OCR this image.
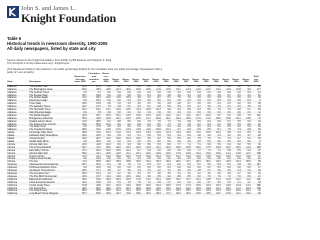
John S. and James L.
Knight Foundation
Table 6
Historical trends in newsroom diversity, 1990-2005
All daily newspapers, listed by state and city
Source: Report to the Knight Foundation, from ASNE, by Bill Dedman and Stephen K. Doig.
The full report is at http://www.asne.org/...knight/report
(The Newsroom Parity is the newsroom non-white percentage divided by the circulation area non-white percentage. Newspapers with a
parity of 1 are at parity.)
State	Newspaper	Newsroom diversity index 2005	Circulation area nonwhite pct.	Newsr. non-white 2005	Newsr. 2004	Newsr. 2003	Newsr. 2002	Newsr. 2001	Newsr. 2000	Newsr. 1999	Newsr. 1998	Newsr. 1997	Newsr. 1996	Newsr. 1995	Newsr. 1994	Newsr. 1993	Newsr. 1992	Newsr. 1990	Staff size 2005
Alabama	The Anniston Star	23.3	27.5	6.4	6.8	7.3	9.1	8.5	5.0	4.4	5.3	5.1	6.7	6.5	7.1	6.0	4.8	3.7	47
Alabama	The Birmingham News	66.2	35.9	23.8	22.4	20.9	19.5	18.6	17.8	16.5	15.1	14.4	13.0	12.7	12.1	11.5	10.8	9.5	177
Alabama	The Cullman Times	0.0	3.7	0.0	0.0	0.0	0.0	0.0	0.0	0.0	0.0	0.0	0.0	0.0	0.0	0.0	0.0	0.0	12
Alabama	The Decatur Daily	35.7	16.8	6.0	5.9	5.8	6.0	5.3	4.9	4.8	4.6	4.4	4.3	4.0	3.9	3.7	3.5	3.1	51
Alabama	The Dothan Eagle	41.1	29.2	12.0	11.6	10.5	9.8	9.1	8.7	8.1	7.5	7.0	6.6	6.2	5.8	5.4	5.0	4.3	34
Alabama	Enterprise Ledger	0.0	25.4	0.0	0.0	0.0	0.0	0.0	0.0	0.0	0.0	0.0	0.0	0.0	0.0	0.0	0.0	0.0	9
Alabama	Times Daily	26.6	13.5	3.6	3.4	3.3	3.2	3.1	3.0	2.9	2.8	2.7	2.6	2.5	2.4	2.3	2.2	2.0	28
Alabama	The Gadsden Times	40.7	17.2	7.0	6.9	6.7	6.4	6.1	5.8	5.5	5.2	5.0	4.7	4.5	4.3	4.1	3.9	3.5	43
Alabama	The Huntsville Times	52.1	25.1	13.1	12.6	12.0	11.4	10.8	10.3	9.8	9.3	8.9	8.4	8.0	7.6	7.2	6.8	6.1	84
Alabama	Daily Mountain Eagle	0.0	7.8	0.0	0.0	0.0	0.0	0.0	0.0	0.0	0.0	0.0	0.0	0.0	0.0	0.0	0.0	0.0	11
Alabama	The Mobile Register	46.3	33.7	15.6	15.1	14.5	13.9	13.3	12.8	12.2	11.7	11.2	10.7	10.2	9.7	9.3	8.8	7.9	122
Alabama	Montgomery Advertiser	55.9	44.5	24.9	24.1	23.3	22.5	21.7	20.9	20.1	19.4	18.6	17.9	17.2	16.5	15.8	15.1	13.8	74
Alabama	Opelika-Auburn News	31.6	28.8	9.1	8.8	8.5	8.2	7.9	7.6	7.3	7.0	6.8	6.5	6.2	6.0	5.7	5.5	5.0	22
Alabama	The Selma Times-Journal	18.0	55.5	10.0	9.6	9.2	8.8	8.4	8.0	7.7	7.3	7.0	6.7	6.4	6.1	5.8	5.5	5.0	10
Alabama	The Daily Home	0.0	17.9	0.0	0.0	0.0	0.0	0.0	0.0	0.0	0.0	0.0	0.0	0.0	0.0	0.0	0.0	0.0	16
Alabama	The Tuscaloosa News	38.0	34.2	13.0	12.5	12.0	11.5	11.0	10.6	10.1	9.7	9.3	8.9	8.5	8.1	7.8	7.4	6.8	46
Alaska	Anchorage Daily News	48.8	31.6	15.4	14.9	14.4	13.9	13.4	12.9	12.4	11.9	11.5	11.0	10.6	10.2	9.8	9.4	8.6	91
Alaska	Fairbanks Daily News-Miner	29.3	23.5	6.9	6.6	6.4	6.1	5.9	5.6	5.4	5.2	5.0	4.8	4.6	4.4	4.2	4.0	3.7	29
Alaska	Juneau Empire	42.0	26.7	11.2	10.8	10.4	10.0	9.6	9.2	8.9	8.5	8.2	7.9	7.6	7.3	7.0	6.7	6.1	18
Alaska	Kodiak Daily Mirror	0.0	38.4	0.0	0.0	0.0	0.0	0.0	0.0	0.0	0.0	0.0	0.0	0.0	0.0	0.0	0.0	0.0	6
Arizona	Arizona Daily Sun	23.9	41.8	10.0	9.6	9.3	8.9	8.6	8.3	8.0	7.7	7.4	7.1	6.8	6.5	6.3	6.0	5.5	30
Arizona	The Arizona Republic	60.7	41.2	25.0	24.2	23.4	22.6	21.8	21.1	20.3	19.6	18.9	18.2	17.5	16.9	16.2	15.6	14.3	396
Arizona	East Valley Tribune	37.1	29.4	10.9	10.5	10.1	9.7	9.3	9.0	8.6	8.3	8.0	7.7	7.4	7.1	6.8	6.5	6.0	97
Arizona	Arizona Daily Star	55.0	41.1	22.6	21.8	21.1	20.4	19.6	18.9	18.2	17.5	16.9	16.2	15.6	15.0	14.4	13.8	12.7	138
Arizona	Tucson Citizen	47.3	41.1	19.4	18.8	18.1	17.5	16.9	16.3	15.7	15.1	14.5	14.0	13.5	13.0	12.5	12.0	11.0	47
Arizona	Today's News-Herald	0.0	14.6	0.0	0.0	0.0	0.0	0.0	0.0	0.0	0.0	0.0	0.0	0.0	0.0	0.0	0.0	0.0	12
Arizona	The Sun	71.3	50.8	36.2	35.0	33.8	32.6	31.4	30.3	29.2	28.1	27.1	26.1	25.1	24.2	23.3	22.4	20.6	29
Arkansas	Arkansas Democrat-Gazette	36.7	22.0	8.1	7.8	7.5	7.2	6.9	6.7	6.4	6.2	5.9	5.7	5.5	5.3	5.1	4.9	4.5	211
Arkansas	Northwest Arkansas Times	0.0	12.9	0.0	0.0	0.0	0.0	0.0	0.0	0.0	0.0	0.0	0.0	0.0	0.0	0.0	0.0	0.0	17
Arkansas	Southwest Times Record	22.5	17.1	3.8	3.7	3.5	3.4	3.3	3.2	3.1	3.0	2.9	2.8	2.7	2.6	2.5	2.4	2.2	26
Arkansas	The Jonesboro Sun	28.4	15.3	4.3	4.2	4.0	3.9	3.7	3.6	3.5	3.3	3.2	3.1	3.0	2.9	2.8	2.7	2.5	23
Arkansas	The Pine Bluff Commercial	24.0	47.7	11.4	11.0	10.6	10.2	9.9	9.5	9.2	8.8	8.5	8.2	7.9	7.6	7.3	7.0	6.5	21
California	Bakersfield Californian	38.4	51.0	19.6	18.9	18.3	17.6	17.0	16.4	15.8	15.2	14.7	14.1	13.6	13.1	12.6	12.2	11.2	102
California	Chico Enterprise-Record	42.2	19.8	8.4	8.1	7.8	7.5	7.2	6.9	6.7	6.4	6.2	6.0	5.7	5.5	5.3	5.1	4.7	33
California	Contra Costa Times	51.8	44.6	23.1	22.3	21.5	20.8	20.0	19.3	18.6	17.9	17.3	16.6	16.0	15.4	14.8	14.3	13.1	186
California	The Fresno Bee	48.5	59.0	28.6	27.6	26.7	25.8	24.8	23.9	23.1	22.2	21.4	20.6	19.8	19.1	18.4	17.7	16.3	158
California	The Daily Review	58.9	56.9	33.5	32.4	31.3	30.2	29.1	28.1	27.1	26.1	25.1	24.2	23.3	22.4	21.6	20.8	19.1	41
California	Long Beach Press-Telegram	55.7	60.8	33.9	32.7	31.6	30.5	29.4	28.4	27.4	26.4	25.4	24.5	23.6	22.7	21.9	21.1	19.4	92
